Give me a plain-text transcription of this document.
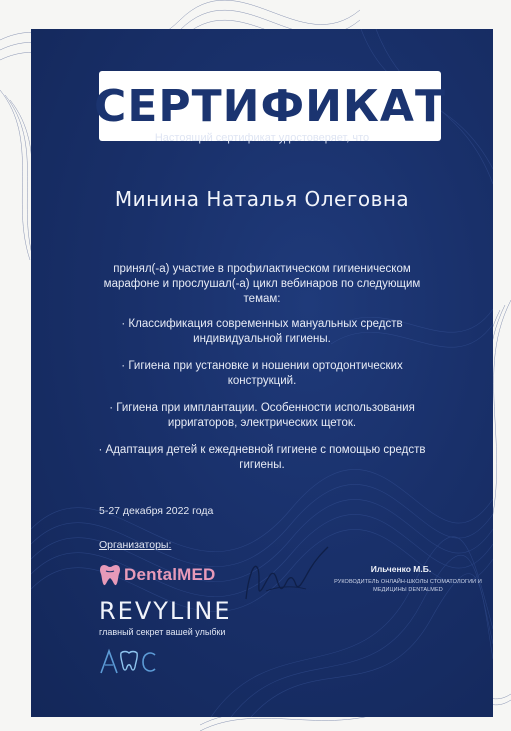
СЕРТИФИКАТ
Настоящий сертификат удостоверяет, что
Минина Наталья Олеговна
принял(-а) участие в профилактическом гигиеническом марафоне и прослушал(-а) цикл вебинаров по следующим темам:
· Классификация современных мануальных средств индивидуальной гигиены.
· Гигиена при установке и ношении ортодонтических конструкций.
· Гигиена при имплантации. Особенности использования ирригаторов, электрических щеток.
· Адаптация детей к ежедневной гигиене с помощью средств гигиены.
5-27 декабря 2022 года
Организаторы:
DentalMED
REVYLINE
главный секрет вашей улыбки
Ильченко М.Б.
РУКОВОДИТЕЛЬ ОНЛАЙН-ШКОЛЫ СТОМАТОЛОГИИ И МЕДИЦИНЫ DENTALMED
